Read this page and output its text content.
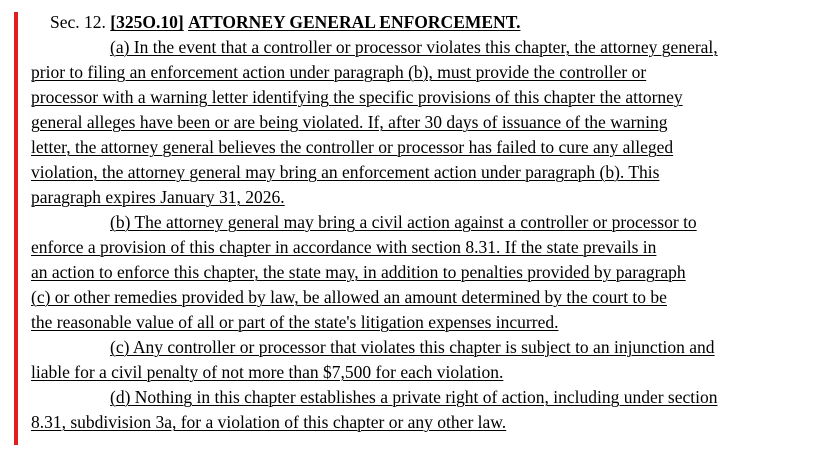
Sec. 12. [325O.10] ATTORNEY GENERAL ENFORCEMENT.
(a) In the event that a controller or processor violates this chapter, the attorney general,
prior to filing an enforcement action under paragraph (b), must provide the controller or
processor with a warning letter identifying the specific provisions of this chapter the attorney
general alleges have been or are being violated. If, after 30 days of issuance of the warning
letter, the attorney general believes the controller or processor has failed to cure any alleged
violation, the attorney general may bring an enforcement action under paragraph (b). This
paragraph expires January 31, 2026.
(b) The attorney general may bring a civil action against a controller or processor to
enforce a provision of this chapter in accordance with section 8.31. If the state prevails in
an action to enforce this chapter, the state may, in addition to penalties provided by paragraph
(c) or other remedies provided by law, be allowed an amount determined by the court to be
the reasonable value of all or part of the state's litigation expenses incurred.
(c) Any controller or processor that violates this chapter is subject to an injunction and
liable for a civil penalty of not more than $7,500 for each violation.
(d) Nothing in this chapter establishes a private right of action, including under section
8.31, subdivision 3a, for a violation of this chapter or any other law.
